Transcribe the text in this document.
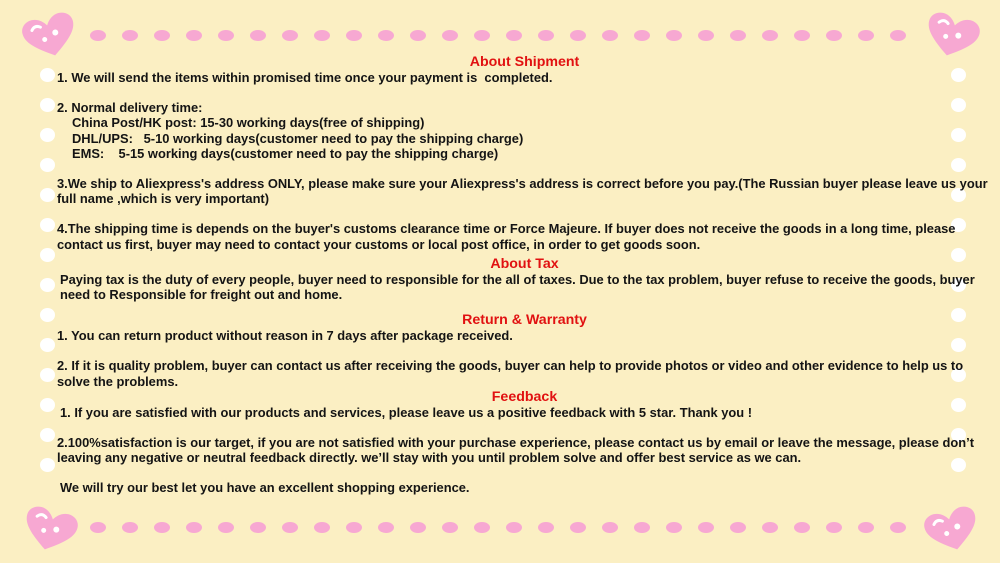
About Shipment

1. We will send the items within promised time once your payment is  completed.

2. Normal delivery time:

China Post/HK post: 15-30 working days(free of shipping)

DHL/UPS:   5-10 working days(customer need to pay the shipping charge)

EMS:    5-15 working days(customer need to pay the shipping charge)

3.We ship to Aliexpress's address ONLY, please make sure your Aliexpress's address is correct before you pay.(The Russian buyer please leave us your full name ,which is very important)

4.The shipping time is depends on the buyer's customs clearance time or Force Majeure. If buyer does not receive the goods in a long time, please contact us first, buyer may need to contact your customs or local post office, in order to get goods soon.

About Tax

Paying tax is the duty of every people, buyer need to responsible for the all of taxes. Due to the tax problem, buyer refuse to receive the goods, buyer need to Responsible for freight out and home.

Return & Warranty

1. You can return product without reason in 7 days after package received.

2. If it is quality problem, buyer can contact us after receiving the goods, buyer can help to provide photos or video and other evidence to help us to solve the problems.

Feedback

1. If you are satisfied with our products and services, please leave us a positive feedback with 5 star. Thank you !

2.100%satisfaction is our target, if you are not satisfied with your purchase experience, please contact us by email or leave the message, please don’t leaving any negative or neutral feedback directly. we’ll stay with you until problem solve and offer best service as we can.

We will try our best let you have an excellent shopping experience.
